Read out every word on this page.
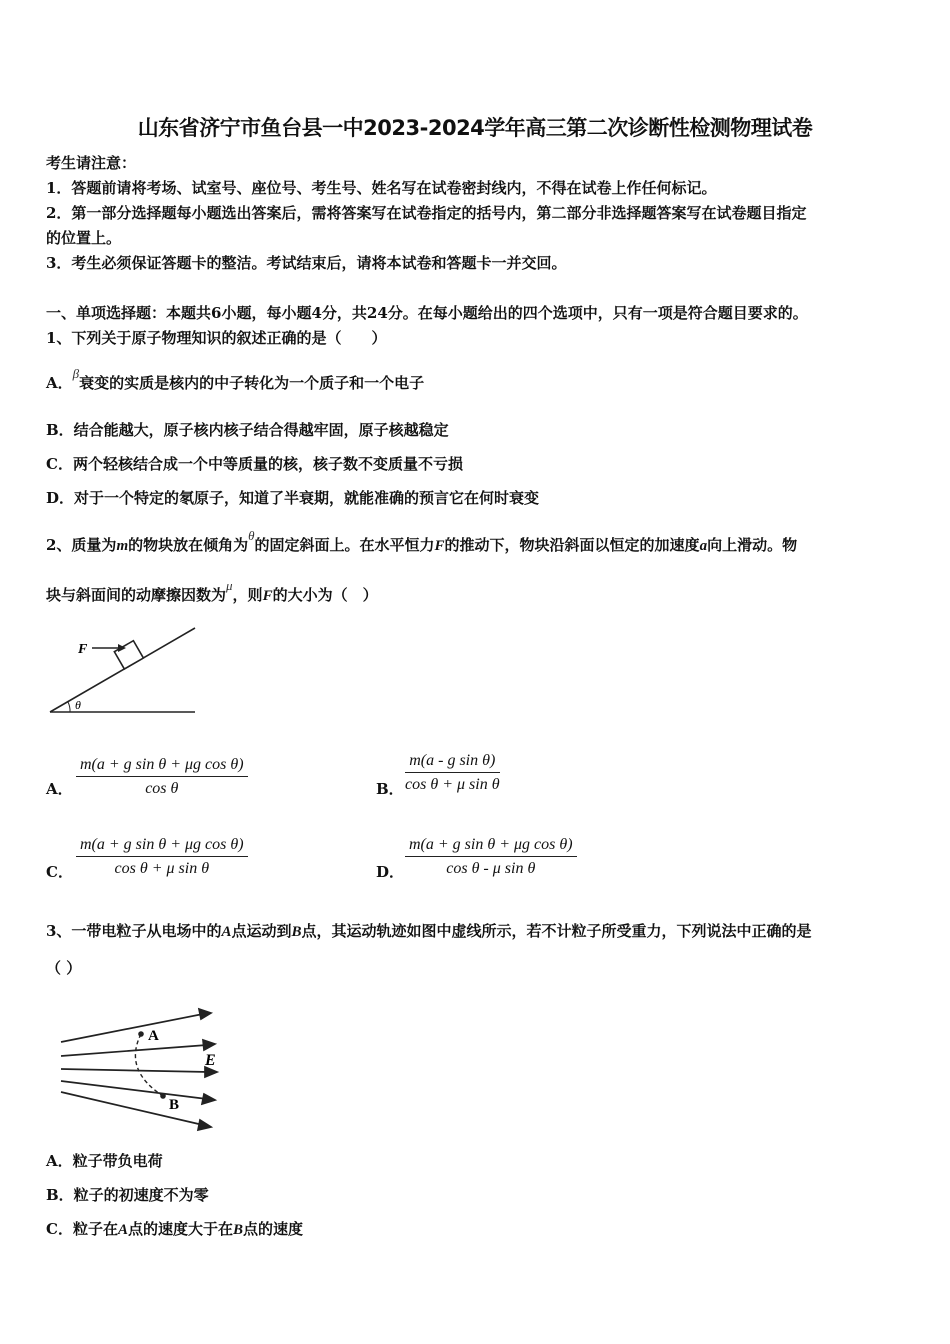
山东省济宁市鱼台县一中2023-2024学年高三第二次诊断性检测物理试卷
考生请注意：
1．答题前请将考场、试室号、座位号、考生号、姓名写在试卷密封线内，不得在试卷上作任何标记。
2．第一部分选择题每小题选出答案后，需将答案写在试卷指定的括号内，第二部分非选择题答案写在试卷题目指定
的位置上。
3．考生必须保证答题卡的整洁。考试结束后，请将本试卷和答题卡一并交回。
一、单项选择题：本题共6小题，每小题4分，共24分。在每小题给出的四个选项中，只有一项是符合题目要求的。
1、下列关于原子物理知识的叙述正确的是（　　）
A．β衰变的实质是核内的中子转化为一个质子和一个电子
B．结合能越大，原子核内核子结合得越牢固，原子核越稳定
C．两个轻核结合成一个中等质量的核，核子数不变质量不亏损
D．对于一个特定的氡原子，知道了半衰期，就能准确的预言它在何时衰变
2、质量为m的物块放在倾角为θ的固定斜面上。在水平恒力F的推动下，物块沿斜面以恒定的加速度a向上滑动。物
块与斜面间的动摩擦因数为μ，则F的大小为（　）
F
θ
A． $\frac{\text{m(a + g sin θ + μg cos θ)}}{\text{cos θ}}$	B． $\frac{\text{m(a - g sin θ)}}{\text{cos θ + μ sin θ}}$
C． $\frac{\text{m(a + g sin θ + μg cos θ)}}{\text{cos θ + μ sin θ}}$	D． $\frac{\text{m(a + g sin θ + μg cos θ)}}{\text{cos θ - μ sin θ}}$
3、一带电粒子从电场中的A点运动到B点，其运动轨迹如图中虚线所示，若不计粒子所受重力，下列说法中正确的是
（ ）
A
B
E
A．粒子带负电荷
B．粒子的初速度不为零
C．粒子在A点的速度大于在B点的速度
